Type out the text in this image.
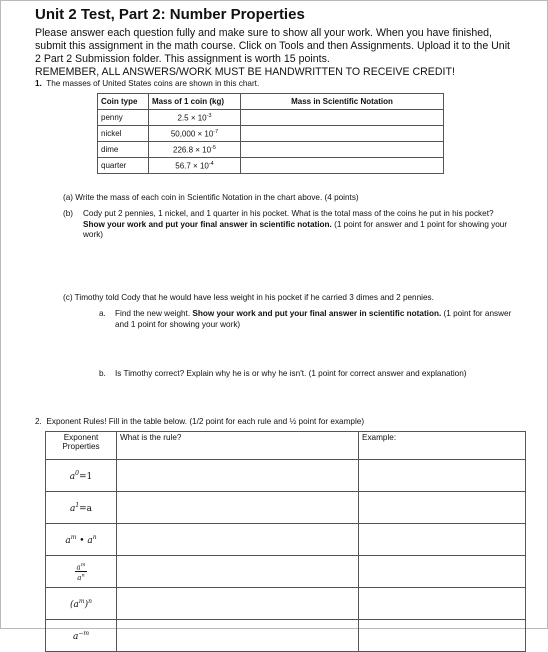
Unit 2 Test, Part 2: Number Properties
Please answer each question fully and make sure to show all your work. When you have finished, submit this assignment in the math course. Click on Tools and then Assignments. Upload it to the Unit 2 Part 2 Submission folder. This assignment is worth 15 points.
REMEMBER, ALL ANSWERS/WORK MUST BE HANDWRITTEN TO RECEIVE CREDIT!
1. The masses of United States coins are shown in this chart.
Coin type	Mass of 1 coin (kg)	Mass in Scientific Notation
penny	$2.5 \times 10^{-3}$	
nickel	$50,000 \times 10^{-7}$	
dime	$226.8 \times 10^{-5}$	
quarter	$56.7 \times 10^{-4}$	
(a) Write the mass of each coin in Scientific Notation in the chart above. (4 points)
(b)	Cody put 2 pennies, 1 nickel, and 1 quarter in his pocket. What is the total mass of the coins he put in his pocket? Show your work and put your final answer in scientific notation. (1 point for answer and 1 point for showing your work)
(c) Timothy told Cody that he would have less weight in his pocket if he carried 3 dimes and 2 pennies.
a.	Find the new weight. Show your work and put your final answer in scientific notation. (1 point for answer and 1 point for showing your work)
b.	Is Timothy correct? Explain why he is or why he isn't. (1 point for correct answer and explanation)
2. Exponent Rules! Fill in the table below. (1/2 point for each rule and ½ point for example)
Exponent Properties	What is the rule?	Example:
$a^0=1$		
$a^1=a$		
$a^m$ • $a^n$		

$\frac{a^m}{a^n}$		
$(a^m)^n$		
$a^{-m}$		
